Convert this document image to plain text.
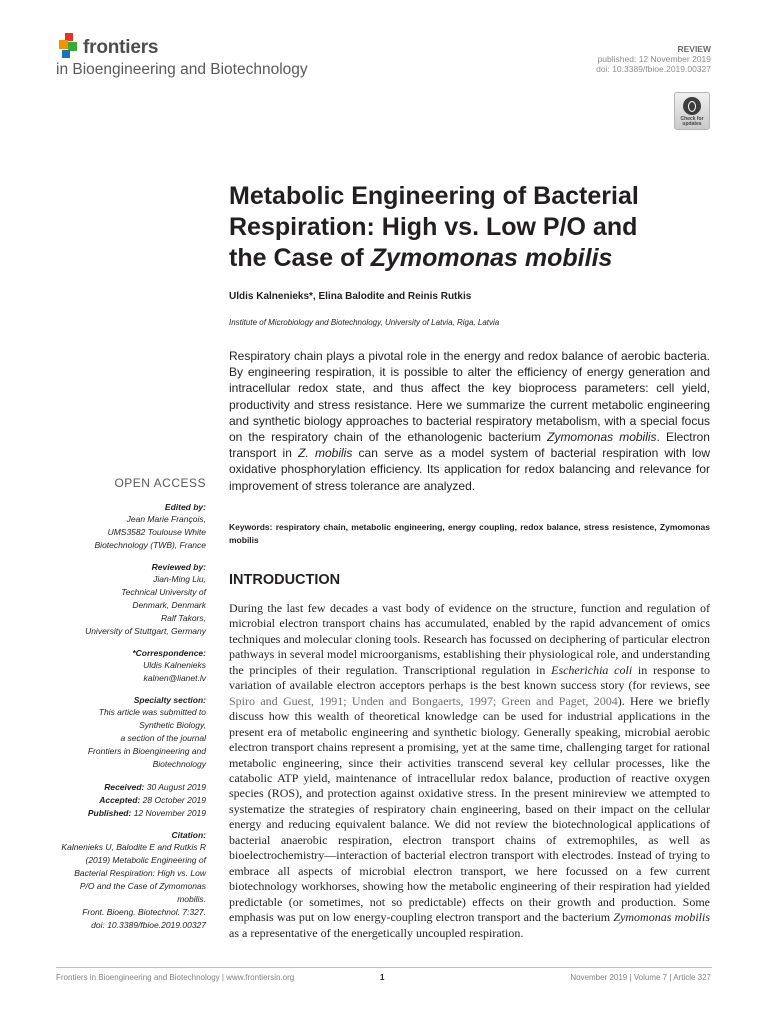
frontiers
in Bioengineering and Biotechnology
REVIEW
published: 12 November 2019
doi: 10.3389/fbioe.2019.00327
Check for updates
Metabolic Engineering of Bacterial
Respiration: High vs. Low P/O and
the Case of Zymomonas mobilis
Uldis Kalnenieks*, Elina Balodite and Reinis Rutkis
Institute of Microbiology and Biotechnology, University of Latvia, Riga, Latvia
Respiratory chain plays a pivotal role in the energy and redox balance of aerobic bacteria. By engineering respiration, it is possible to alter the efficiency of energy generation and intracellular redox state, and thus affect the key bioprocess parameters: cell yield, productivity and stress resistance. Here we summarize the current metabolic engineering and synthetic biology approaches to bacterial respiratory metabolism, with a special focus on the respiratory chain of the ethanologenic bacterium Zymomonas mobilis. Electron transport in Z. mobilis can serve as a model system of bacterial respiration with low oxidative phosphorylation efficiency. Its application for redox balancing and relevance for improvement of stress tolerance are analyzed.
Keywords: respiratory chain, metabolic engineering, energy coupling, redox balance, stress resistence, Zymomonas mobilis
INTRODUCTION
During the last few decades a vast body of evidence on the structure, function and regulation of microbial electron transport chains has accumulated, enabled by the rapid advancement of omics techniques and molecular cloning tools. Research has focussed on deciphering of particular electron pathways in several model microorganisms, establishing their physiological role, and understanding the principles of their regulation. Transcriptional regulation in Escherichia coli in response to variation of available electron acceptors perhaps is the best known success story (for reviews, see Spiro and Guest, 1991; Unden and Bongaerts, 1997; Green and Paget, 2004). Here we briefly discuss how this wealth of theoretical knowledge can be used for industrial applications in the present era of metabolic engineering and synthetic biology. Generally speaking, microbial aerobic electron transport chains represent a promising, yet at the same time, challenging target for rational metabolic engineering, since their activities transcend several key cellular processes, like the catabolic ATP yield, maintenance of intracellular redox balance, production of reactive oxygen species (ROS), and protection against oxidative stress. In the present minireview we attempted to systematize the strategies of respiratory chain engineering, based on their impact on the cellular energy and reducing equivalent balance. We did not review the biotechnological applications of bacterial anaerobic respiration, electron transport chains of extremophiles, as well as bioelectrochemistry—interaction of bacterial electron transport with electrodes. Instead of trying to embrace all aspects of microbial electron transport, we here focussed on a few current biotechnology workhorses, showing how the metabolic engineering of their respiration had yielded predictable (or sometimes, not so predictable) effects on their growth and production. Some emphasis was put on low energy-coupling electron transport and the bacterium Zymomonas mobilis as a representative of the energetically uncoupled respiration.
OPEN ACCESS
Edited by:
Jean Marie François,
UMS3582 Toulouse White
Biotechnology (TWB), France
Reviewed by:
Jian-Ming Liu,
Technical University of
Denmark, Denmark
Ralf Takors,
University of Stuttgart, Germany
*Correspondence:
Uldis Kalnenieks
kalnen@lianet.lv
Specialty section:
This article was submitted to
Synthetic Biology,
a section of the journal
Frontiers in Bioengineering and
Biotechnology
Received: 30 August 2019
Accepted: 28 October 2019
Published: 12 November 2019
Citation:
Kalnenieks U, Balodite E and Rutkis R
(2019) Metabolic Engineering of
Bacterial Respiration: High vs. Low
P/O and the Case of Zymomonas
mobilis.
Front. Bioeng. Biotechnol. 7:327.
doi: 10.3389/fbioe.2019.00327
Frontiers in Bioengineering and Biotechnology | www.frontiersin.org	1	November 2019 | Volume 7 | Article 327
